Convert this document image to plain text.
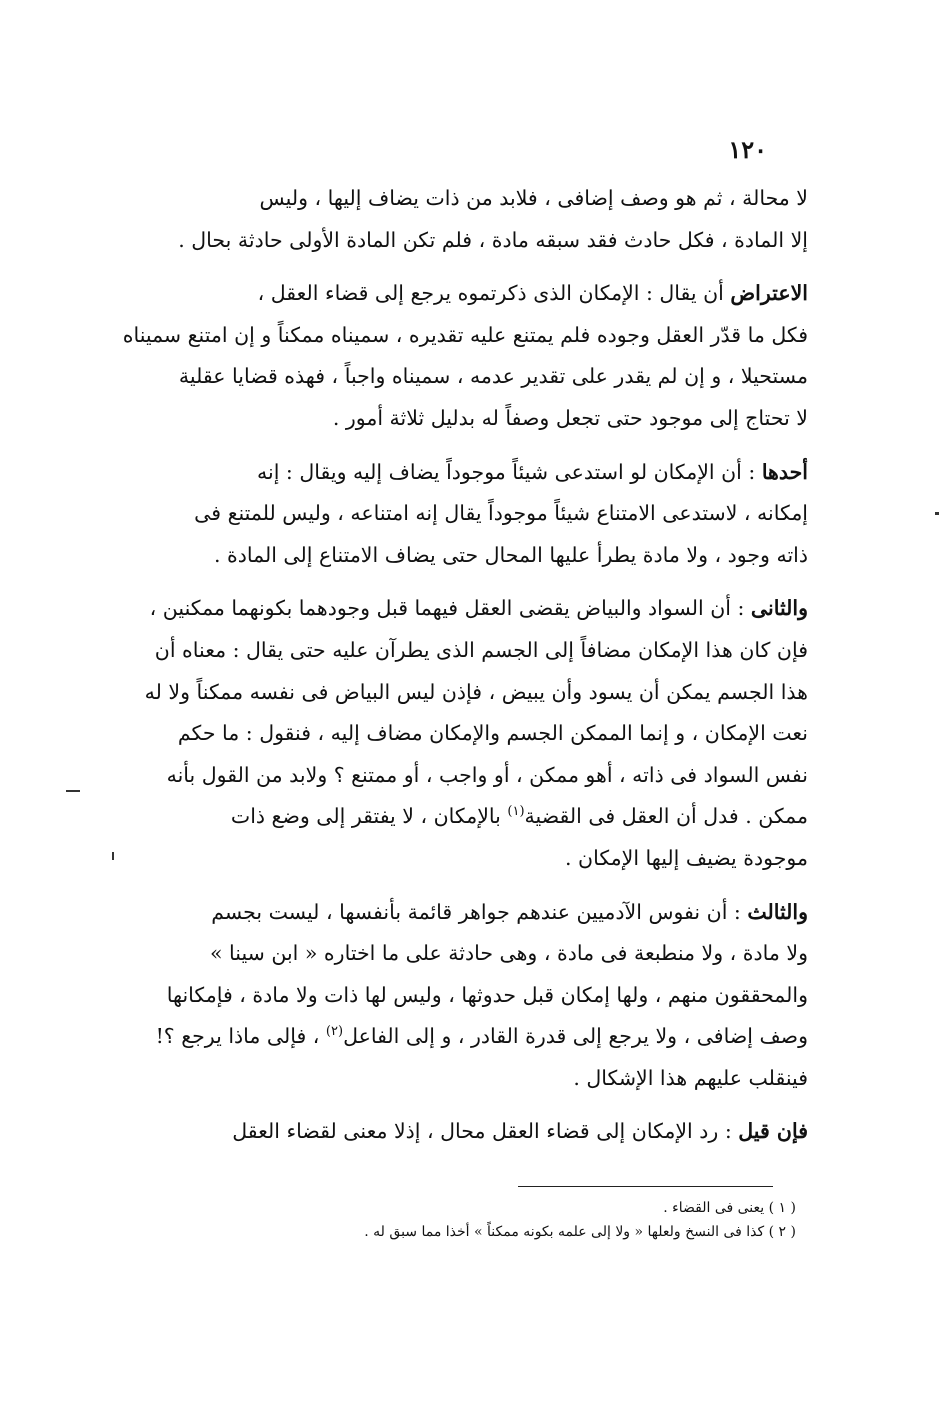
١٢٠
لا محالة ، ثم هو وصف إضافى ، فلابد من ذات يضاف إليها ، وليس
إلا المادة ، فكل حادث فقد سبقه مادة ، فلم تكن المادة الأولى حادثة بحال .
الاعتراض أن يقال : الإمكان الذى ذكرتموه يرجع إلى قضاء العقل ،
فكل ما قدّر العقل وجوده فلم يمتنع عليه تقديره ، سميناه ممكناً و إن امتنع سميناه
مستحيلا ، و إن لم يقدر على تقدير عدمه ، سميناه واجباً ، فهذه قضايا عقلية
لا تحتاج إلى موجود حتى تجعل وصفاً له بدليل ثلاثة أمور .
أحدها : أن الإمكان لو استدعى شيئاً موجوداً يضاف إليه ويقال : إنه
إمكانه ، لاستدعى الامتناع شيئاً موجوداً يقال إنه امتناعه ، وليس للمتنع فى
ذاته وجود ، ولا مادة يطرأ عليها المحال حتى يضاف الامتناع إلى المادة .
والثانى : أن السواد والبياض يقضى العقل فيهما قبل وجودهما بكونهما ممكنين ،
فإن كان هذا الإمكان مضافاً إلى الجسم الذى يطرآن عليه حتى يقال : معناه أن
هذا الجسم يمكن أن يسود وأن يبيض ، فإذن ليس البياض فى نفسه ممكناً ولا له
نعت الإمكان ، و إنما الممكن الجسم والإمكان مضاف إليه ، فنقول : ما حكم
نفس السواد فى ذاته ، أهو ممكن ، أو واجب ، أو ممتنع ؟ ولابد من القول بأنه
ممكن . فدل أن العقل فى القضية$^{(١)}$ بالإمكان ، لا يفتقر إلى وضع ذات
موجودة يضيف إليها الإمكان .
والثالث : أن نفوس الآدميين عندهم جواهر قائمة بأنفسها ، ليست بجسم
ولا مادة ، ولا منطبعة فى مادة ، وهى حادثة على ما اختاره « ابن سينا »
والمحققون منهم ، ولها إمكان قبل حدوثها ، وليس لها ذات ولا مادة ، فإمكانها
وصف إضافى ، ولا يرجع إلى قدرة القادر ، و إلى الفاعل$^{(٢)}$ ، فإلى ماذا يرجع ؟!
فينقلب عليهم هذا الإشكال .
فإن قيل : رد الإمكان إلى قضاء العقل محال ، إذلا معنى لقضاء العقل
( ١ ) يعنى فى القضاء .
( ٢ ) كذا فى النسخ ولعلها « ولا إلى علمه بكونه ممكناً » أخذا مما سبق له .
